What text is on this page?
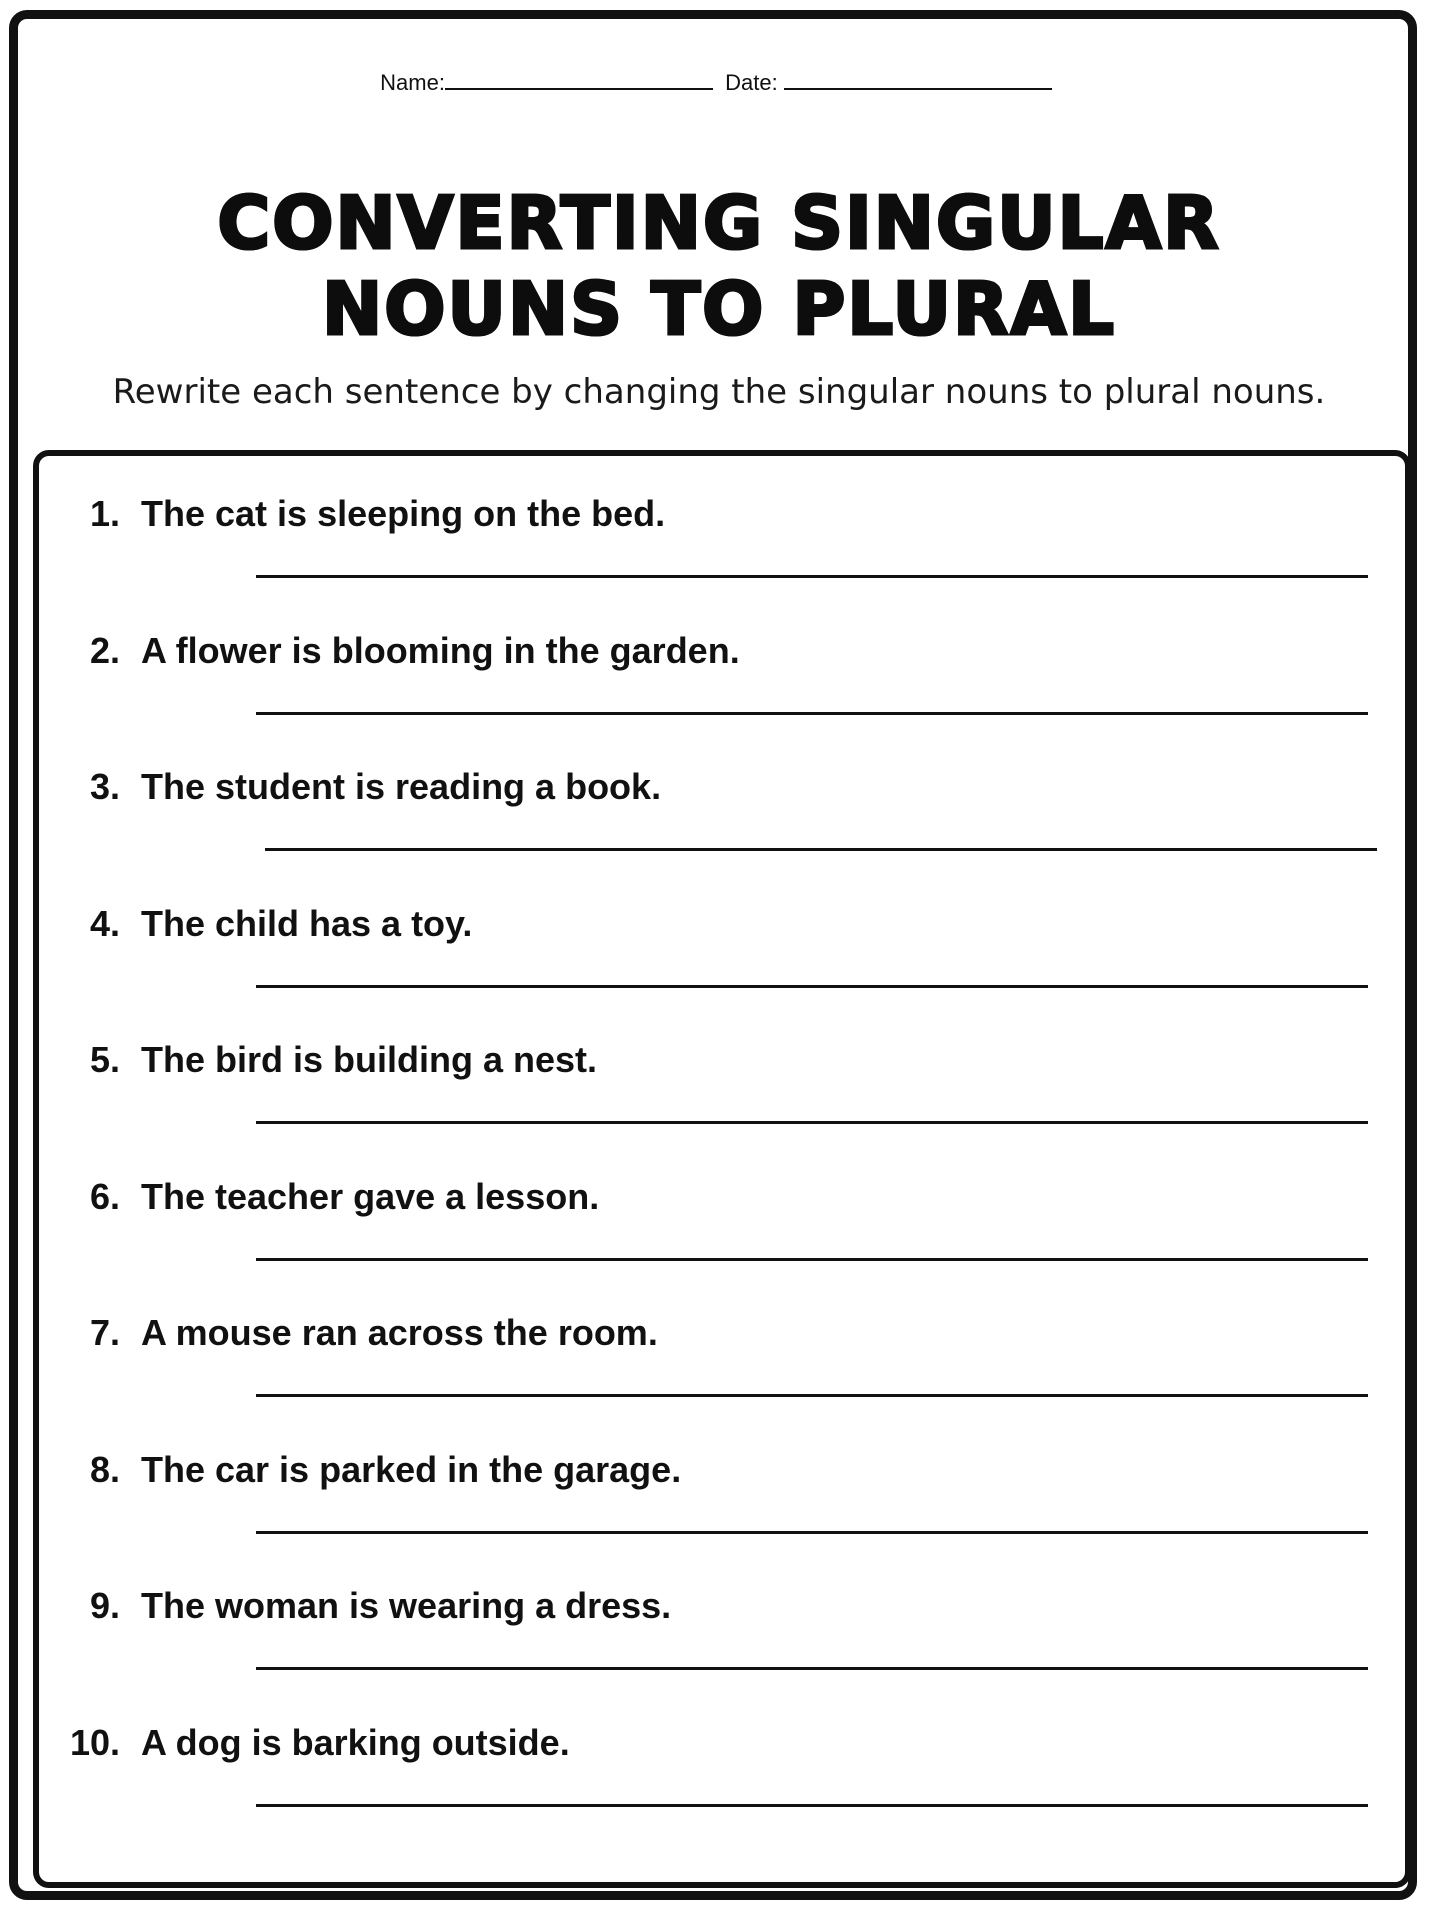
Name:	Date:
CONVERTING SINGULAR
NOUNS TO PLURAL
Rewrite each sentence by changing the singular nouns to plural nouns.
1. The cat is sleeping on the bed.
2. A flower is blooming in the garden.
3. The student is reading a book.
4. The child has a toy.
5. The bird is building a nest.
6. The teacher gave a lesson.
7. A mouse ran across the room.
8. The car is parked in the garage.
9. The woman is wearing a dress.
10. A dog is barking outside.
